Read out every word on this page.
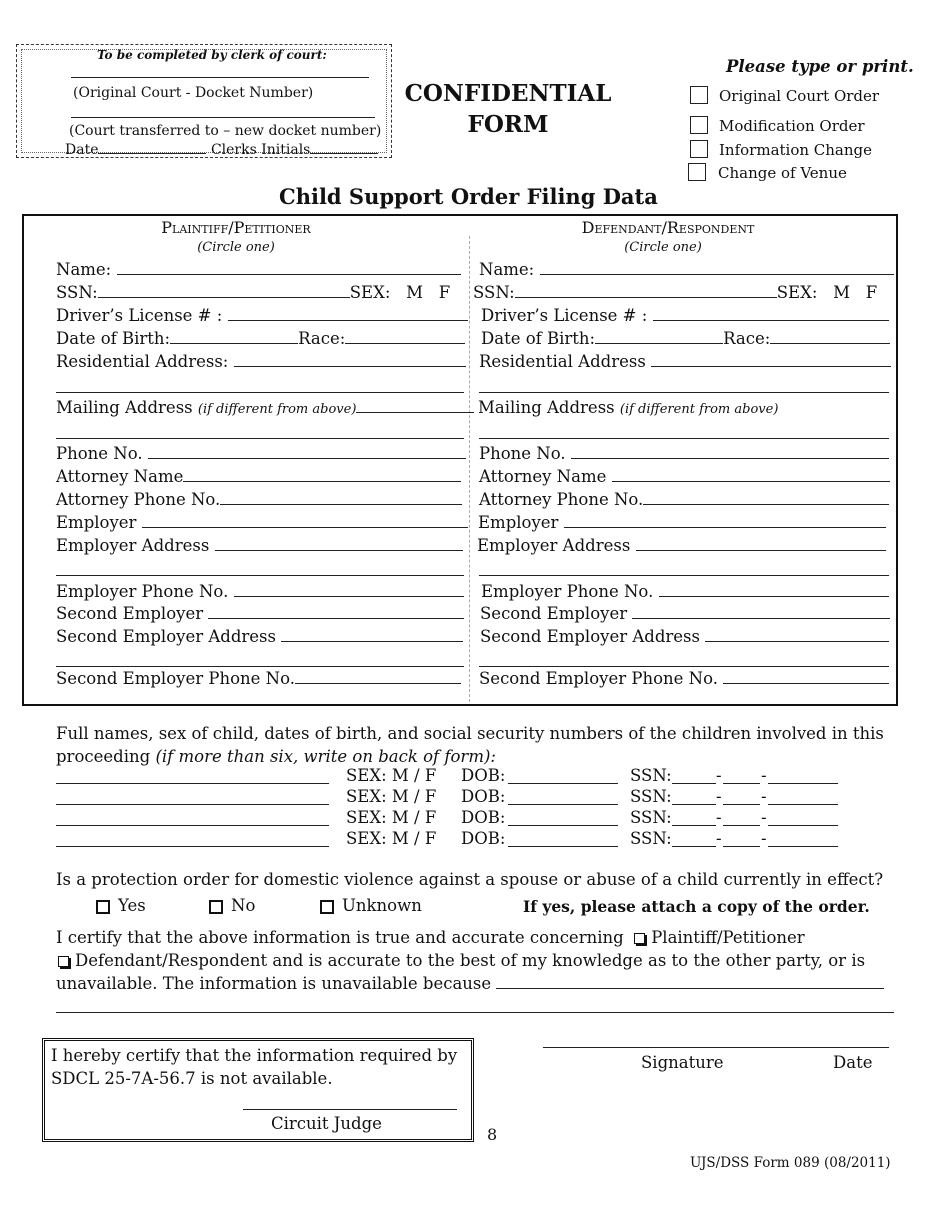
To be completed by clerk of court:
(Original Court - Docket Number)
(Court transferred to – new docket number)
Date	Clerks Initials
CONFIDENTIAL
FORM
Please type or print.
Original Court Order
Modification Order
Information Change
Change of Venue
Child Support Order Filing Data
Plaintiff/Petitioner
(Circle one)
Name:
SSN:	SEX: M F
Driver’s License # :
Date of Birth:	Race:
Residential Address:
Mailing Address (if different from above)
Phone No.
Attorney Name
Attorney Phone No.
Employer
Employer Address
Employer Phone No.
Second Employer
Second Employer Address
Second Employer Phone No.
Defendant/Respondent
(Circle one)
Name:
SSN:	SEX: M F
Driver’s License # :
Date of Birth:	Race:
Residential Address
Mailing Address (if different from above)
Phone No.
Attorney Name
Attorney Phone No.
Employer
Employer Address
Employer Phone No.
Second Employer
Second Employer Address
Second Employer Phone No.
Full names, sex of child, dates of birth, and social security numbers of the children involved in this
proceeding (if more than six, write on back of form):
SEX: M / F DOB:	SSN:	- -
SEX: M / F DOB:	SSN:	- -
SEX: M / F DOB:	SSN:	- -
SEX: M / F DOB:	SSN:	- -
Is a protection order for domestic violence against a spouse or abuse of a child currently in effect?
Yes	No	Unknown	If yes, please attach a copy of the order.
I certify that the above information is true and accurate concerning Plaintiff/Petitioner
Defendant/Respondent and is accurate to the best of my knowledge as to the other party, or is
unavailable. The information is unavailable because
I hereby certify that the information required by
SDCL 25-7A-56.7 is not available.
Circuit Judge
Signature	Date
8
UJS/DSS Form 089 (08/2011)
